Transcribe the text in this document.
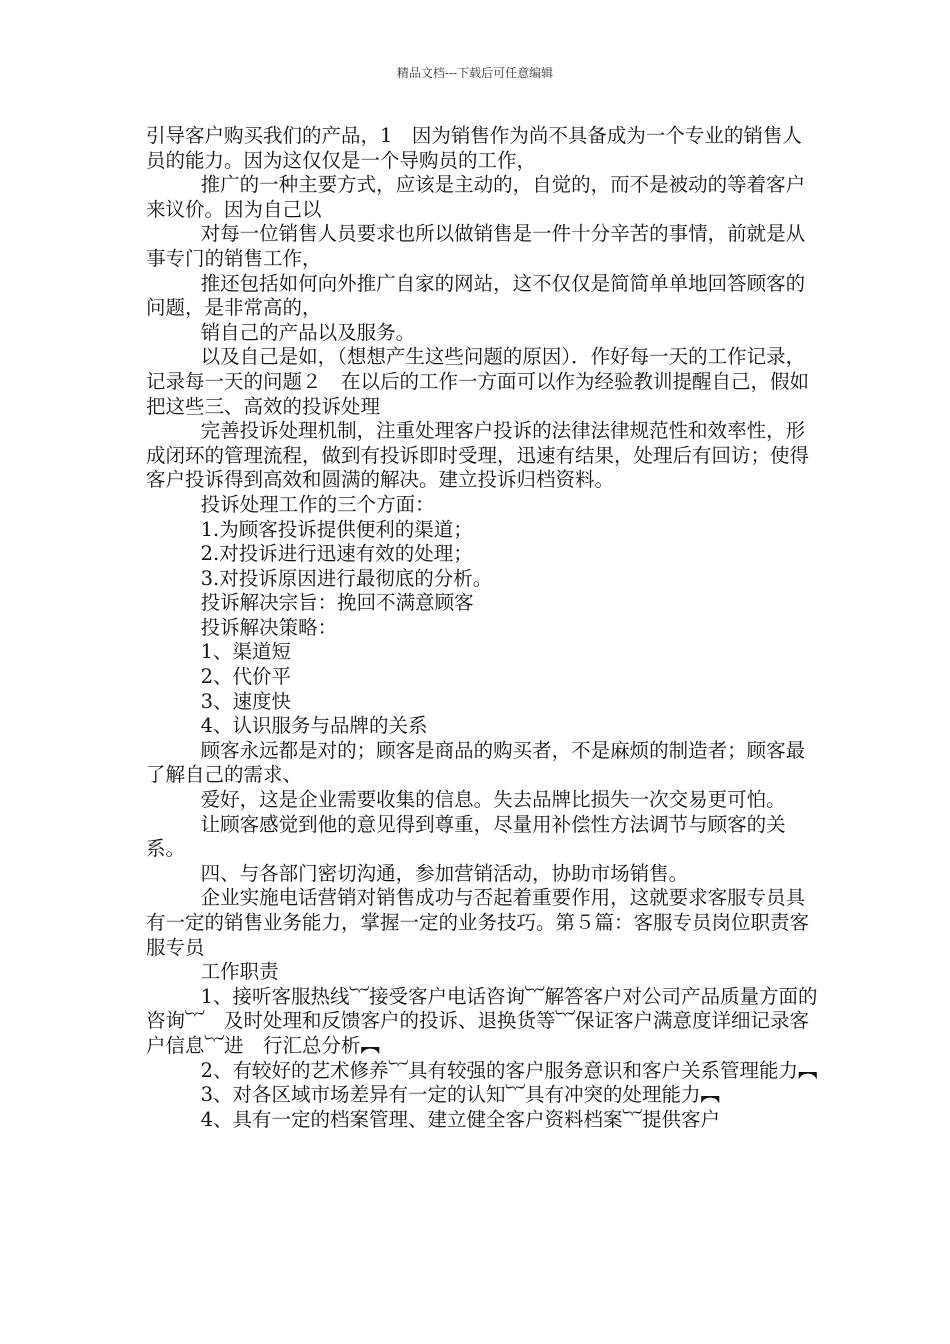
精品文档---下载后可任意编辑

引导客户购买我们的产品，1　因为销售作为尚不具备成为一个专业的销售人员的能力。因为这仅仅是一个导购员的工作，

推广的一种主要方式，应该是主动的，自觉的，而不是被动的等着客户来议价。因为自己以

对每一位销售人员要求也所以做销售是一件十分辛苦的事情，前就是从事专门的销售工作，

推还包括如何向外推广自家的网站，这不仅仅是简简单单地回答顾客的问题，是非常高的，

销自己的产品以及服务。

以及自己是如，（想想产生这些问题的原因）．作好每一天的工作记录，记录每一天的问题２　在以后的工作一方面可以作为经验教训提醒自己，假如把这些三、高效的投诉处理

完善投诉处理机制，注重处理客户投诉的法律法律规范性和效率性，形成闭环的管理流程，做到有投诉即时受理，迅速有结果，处理后有回访；使得客户投诉得到高效和圆满的解决。建立投诉归档资料。

投诉处理工作的三个方面：

1.为顾客投诉提供便利的渠道；

2.对投诉进行迅速有效的处理；

3.对投诉原因进行最彻底的分析。

投诉解决宗旨：挽回不满意顾客

投诉解决策略：

1、渠道短

2、代价平

3、速度快

4、认识服务与品牌的关系

顾客永远都是对的；顾客是商品的购买者，不是麻烦的制造者；顾客最了解自己的需求、

爱好，这是企业需要收集的信息。失去品牌比损失一次交易更可怕。

让顾客感觉到他的意见得到尊重，尽量用补偿性方法调节与顾客的关系。

四、与各部门密切沟通，参加营销活动，协助市场销售。

企业实施电话营销对销售成功与否起着重要作用，这就要求客服专员具有一定的销售业务能力，掌握一定的业务技巧。第５篇：客服专员岗位职责客服专员

工作职责

1、接听客服热线︸接受客户电话咨询︸解答客户对公司产品质量方面的咨询︸　及时处理和反馈客户的投诉、退换货等︸保证客户满意度详细记录客户信息︸进　行汇总分析︻

2、有较好的艺术修养︸具有较强的客户服务意识和客户关系管理能力︻

3、对各区域市场差异有一定的认知︸具有冲突的处理能力︻

4、具有一定的档案管理、建立健全客户资料档案︸提供客户
